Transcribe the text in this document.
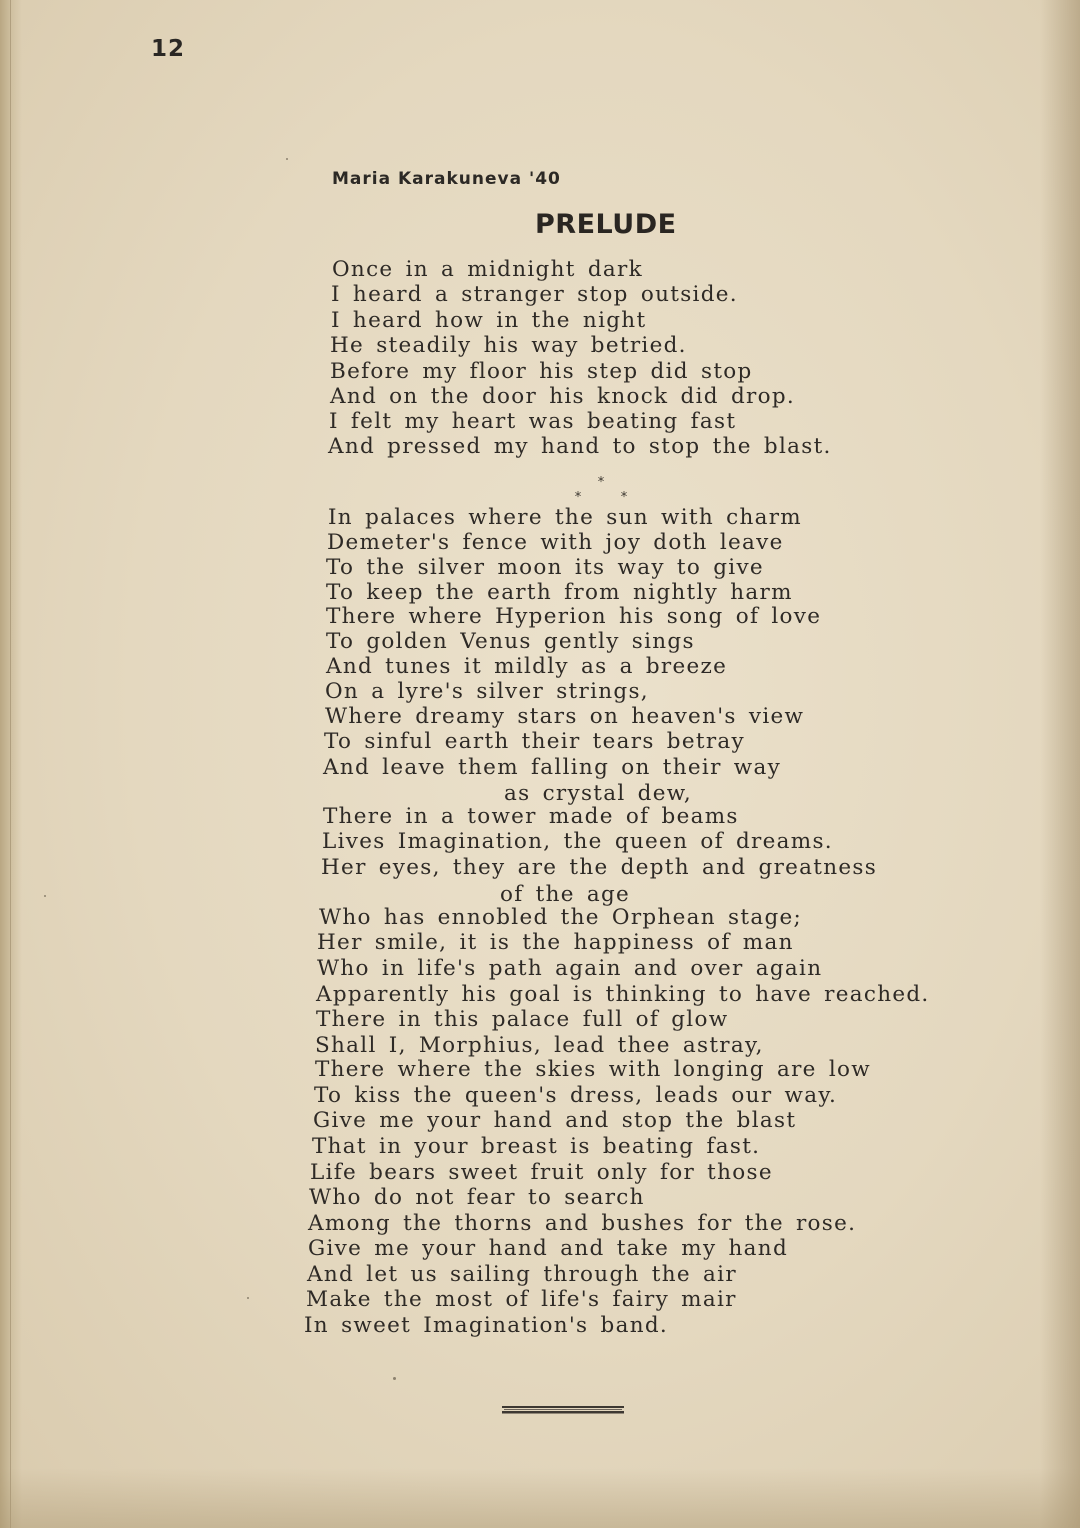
12
Maria Karakuneva '40
PRELUDE
Once in a midnight dark
I heard a stranger stop outside.
I heard how in the night
He steadily his way betried.
Before my floor his step did stop
And on the door his knock did drop.
I felt my heart was beating fast
And pressed my hand to stop the blast.
*
*	*
In palaces where the sun with charm
Demeter's fence with joy doth leave
To the silver moon its way to give
To keep the earth from nightly harm
There where Hyperion his song of love
To golden Venus gently sings
And tunes it mildly as a breeze
On a lyre's silver strings,
Where dreamy stars on heaven's view
To sinful earth their tears betray
And leave them falling on their way
as crystal dew,
There in a tower made of beams
Lives Imagination, the queen of dreams.
Her eyes, they are the depth and greatness
of the age
Who has ennobled the Orphean stage;
Her smile, it is the happiness of man
Who in life's path again and over again
Apparently his goal is thinking to have reached.
There in this palace full of glow
Shall I, Morphius, lead thee astray,
There where the skies with longing are low
To kiss the queen's dress, leads our way.
Give me your hand and stop the blast
That in your breast is beating fast.
Life bears sweet fruit only for those
Who do not fear to search
Among the thorns and bushes for the rose.
Give me your hand and take my hand
And let us sailing through the air
Make the most of life's fairy mair
In sweet Imagination's band.
